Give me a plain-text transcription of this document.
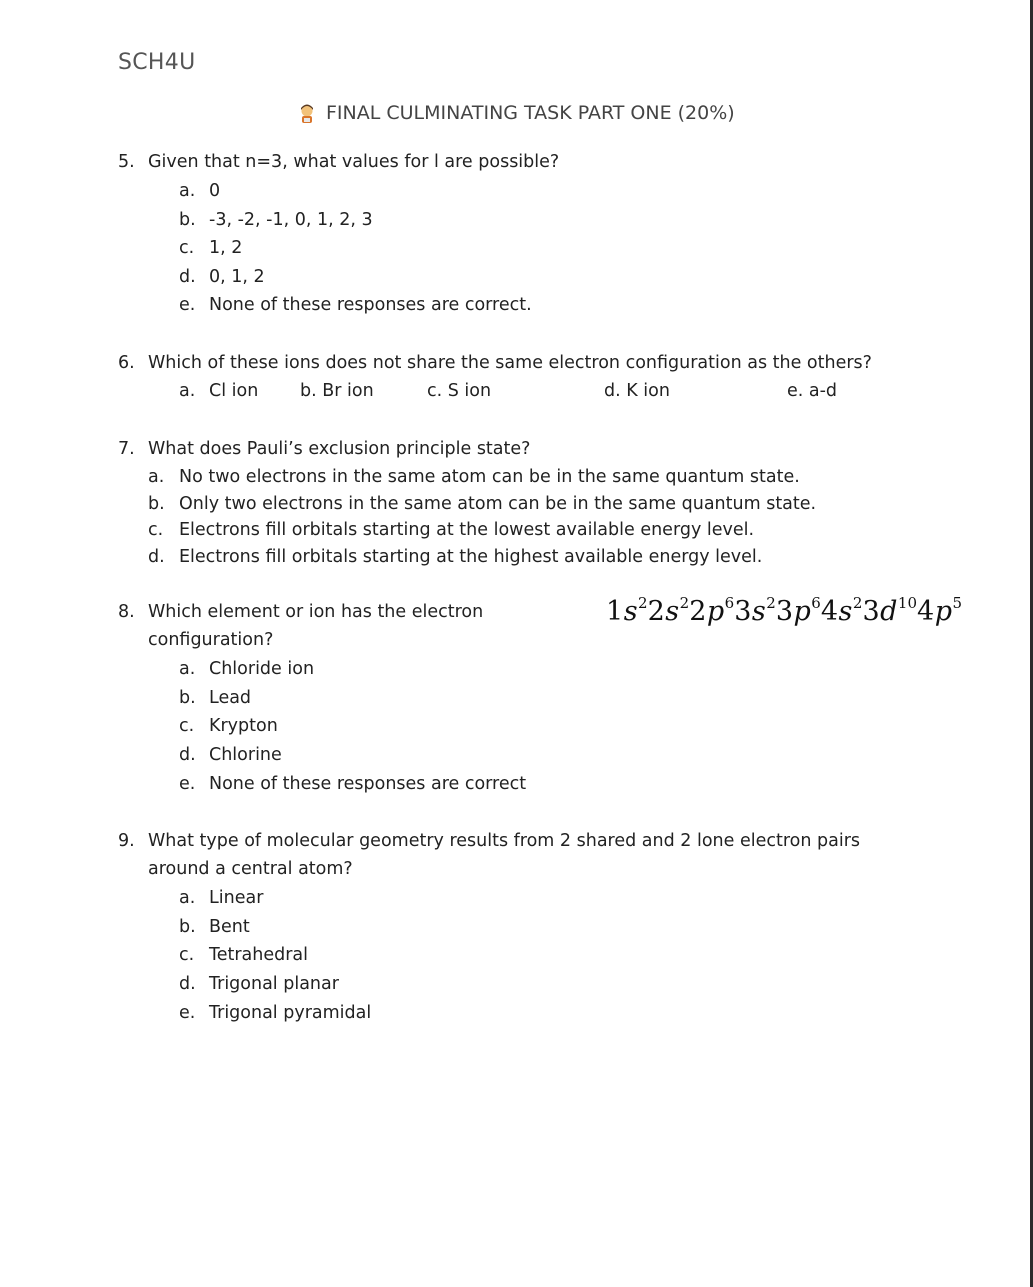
SCH4U
FINAL CULMINATING TASK PART ONE (20%)
5. Given that n=3, what values for l are possible?
a. 0
b. -3, -2, -1, 0, 1, 2, 3
c. 1, 2
d. 0, 1, 2
e. None of these responses are correct.
6. Which of these ions does not share the same electron configuration as the others?
a. Cl ion b. Br ion	c. S ion	d. K ion	e. a-d
7. What does Pauli’s exclusion principle state?
a. No two electrons in the same atom can be in the same quantum state.
b. Only two electrons in the same atom can be in the same quantum state.
c. Electrons fill orbitals starting at the lowest available energy level.
d. Electrons fill orbitals starting at the highest available energy level.
8. Which element or ion has the electron
configuration?
$1s^22s^22p^63s^23p^64s^23d^{10}4p^5$
a. Chloride ion
b. Lead
c. Krypton
d. Chlorine
e. None of these responses are correct
9. What type of molecular geometry results from 2 shared and 2 lone electron pairs
around a central atom?
a. Linear
b. Bent
c. Tetrahedral
d. Trigonal planar
e. Trigonal pyramidal
